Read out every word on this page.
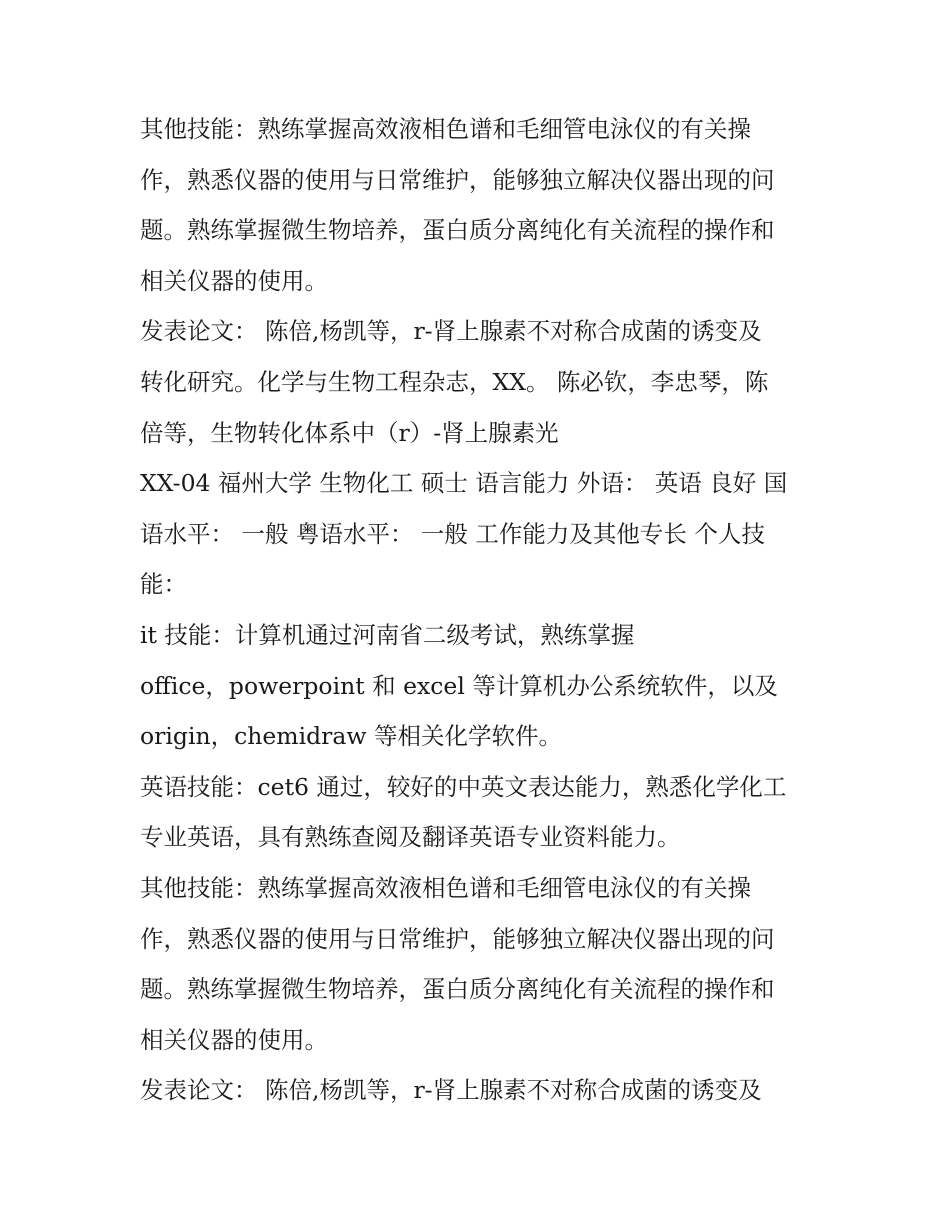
其他技能：熟练掌握高效液相色谱和毛细管电泳仪的有关操
作，熟悉仪器的使用与日常维护，能够独立解决仪器出现的问
题。熟练掌握微生物培养，蛋白质分离纯化有关流程的操作和
相关仪器的使用。
发表论文： 陈倍,杨凯等，r-肾上腺素不对称合成菌的诱变及
转化研究。化学与生物工程杂志，XX。 陈必钦，李忠琴，陈
倍等，生物转化体系中（r）-肾上腺素光
XX-04 福州大学 生物化工 硕士 语言能力 外语： 英语 良好 国
语水平： 一般 粤语水平： 一般 工作能力及其他专长 个人技
能：
it 技能：计算机通过河南省二级考试，熟练掌握
office，powerpoint 和 excel 等计算机办公系统软件，以及
origin，chemidraw 等相关化学软件。
英语技能：cet6 通过，较好的中英文表达能力，熟悉化学化工
专业英语，具有熟练查阅及翻译英语专业资料能力。
其他技能：熟练掌握高效液相色谱和毛细管电泳仪的有关操
作，熟悉仪器的使用与日常维护，能够独立解决仪器出现的问
题。熟练掌握微生物培养，蛋白质分离纯化有关流程的操作和
相关仪器的使用。
发表论文： 陈倍,杨凯等，r-肾上腺素不对称合成菌的诱变及
